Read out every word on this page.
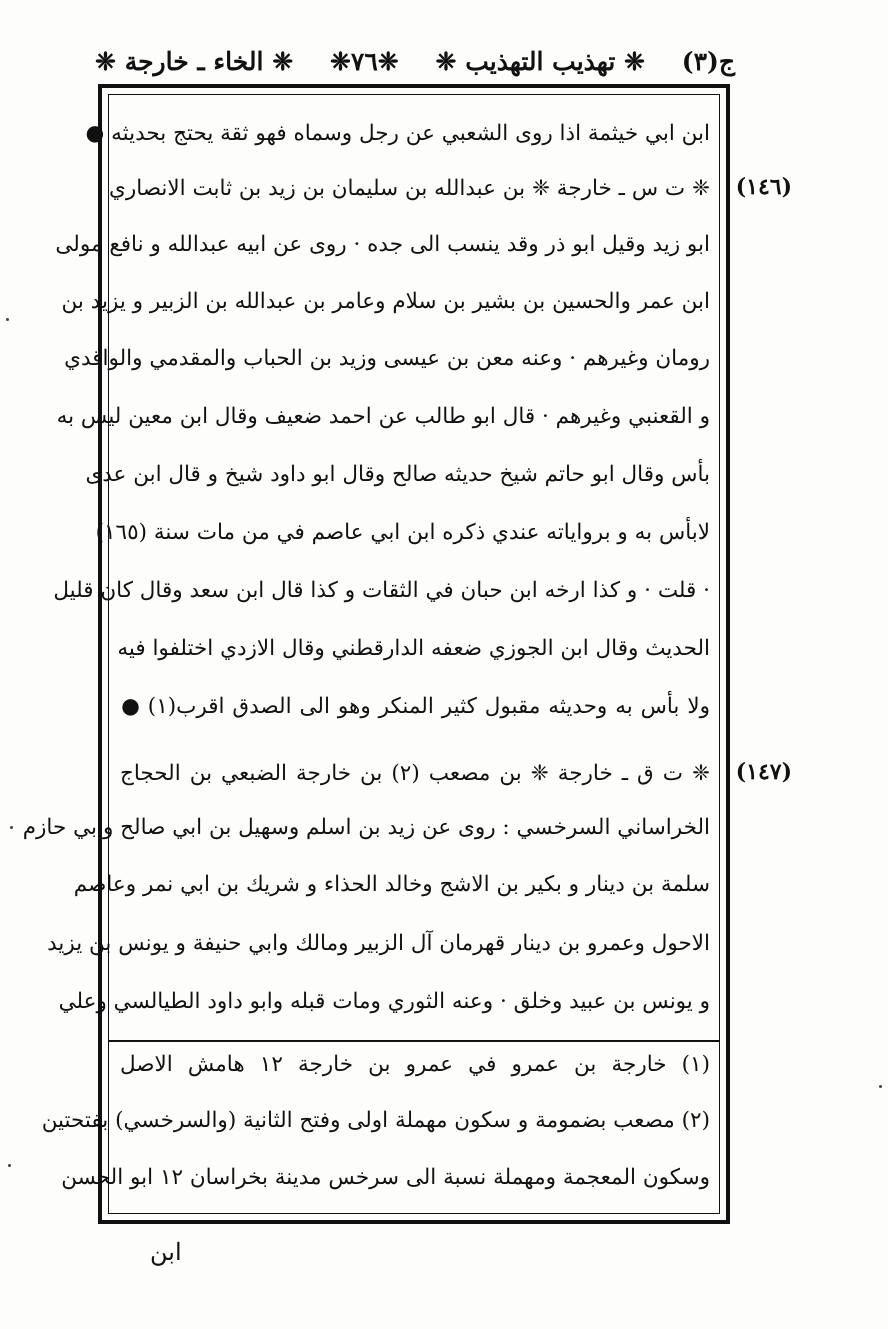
ج(٣)
❈ تهذيب التهذيب ❈
❈٧٦❈
❈ الخاء ـ خارجة ❈
(١٤٦)
(١٤٧)
ابن ابي خيثمة اذا روى الشعبي عن رجل وسماه فهو ثقة يحتج بحديثه ●
❈ ت س ـ خارجة ❈ بن عبدالله بن سليمان بن زيد بن ثابت الانصاري
ابو زيد وقيل ابو ذر وقد ينسب الى جده · روى عن ابيه عبدالله و نافع مولى
ابن عمر والحسين بن بشير بن سلام وعامر بن عبدالله بن الزبير و يزيد بن
رومان وغيرهم · وعنه معن بن عيسى وزيد بن الحباب والمقدمي والواقدي
و القعنبي وغيرهم · قال ابو طالب عن احمد ضعيف وقال ابن معين ليس به
بأس وقال ابو حاتم شيخ حديثه صالح وقال ابو داود شيخ و قال ابن عدى
لابأس به و برواياته عندي ذكره ابن ابي عاصم في من مات سنة (١٦٥)
· قلت · و كذا ارخه ابن حبان في الثقات و كذا قال ابن سعد وقال كان قليل
الحديث وقال ابن الجوزي ضعفه الدارقطني وقال الازدي اختلفوا فيه
ولا بأس به وحديثه مقبول كثير المنكر وهو الى الصدق اقرب(١) ●
❈ ت ق ـ خارجة ❈ بن مصعب (٢) بن خارجة الضبعي بن الحجاج
الخراساني السرخسي : روى عن زيد بن اسلم وسهيل بن ابي صالح وابي حازم
سلمة بن دينار و بكير بن الاشج وخالد الحذاء و شريك بن ابي نمر وعاصم
الاحول وعمرو بن دينار قهرمان آل الزبير ومالك وابي حنيفة و يونس بن يزيد
و يونس بن عبيد وخلق · وعنه الثوري ومات قبله وابو داود الطيالسي وعلي
(١) خارجة بن عمرو في عمرو بن خارجة ١٢ هامش الاصل
(٢) مصعب بضمومة و سكون مهملة اولى وفتح الثانية (والسرخسي) بفتحتين
وسكون المعجمة ومهملة نسبة الى سرخس مدينة بخراسان ١٢ ابو الحسن
ابن
